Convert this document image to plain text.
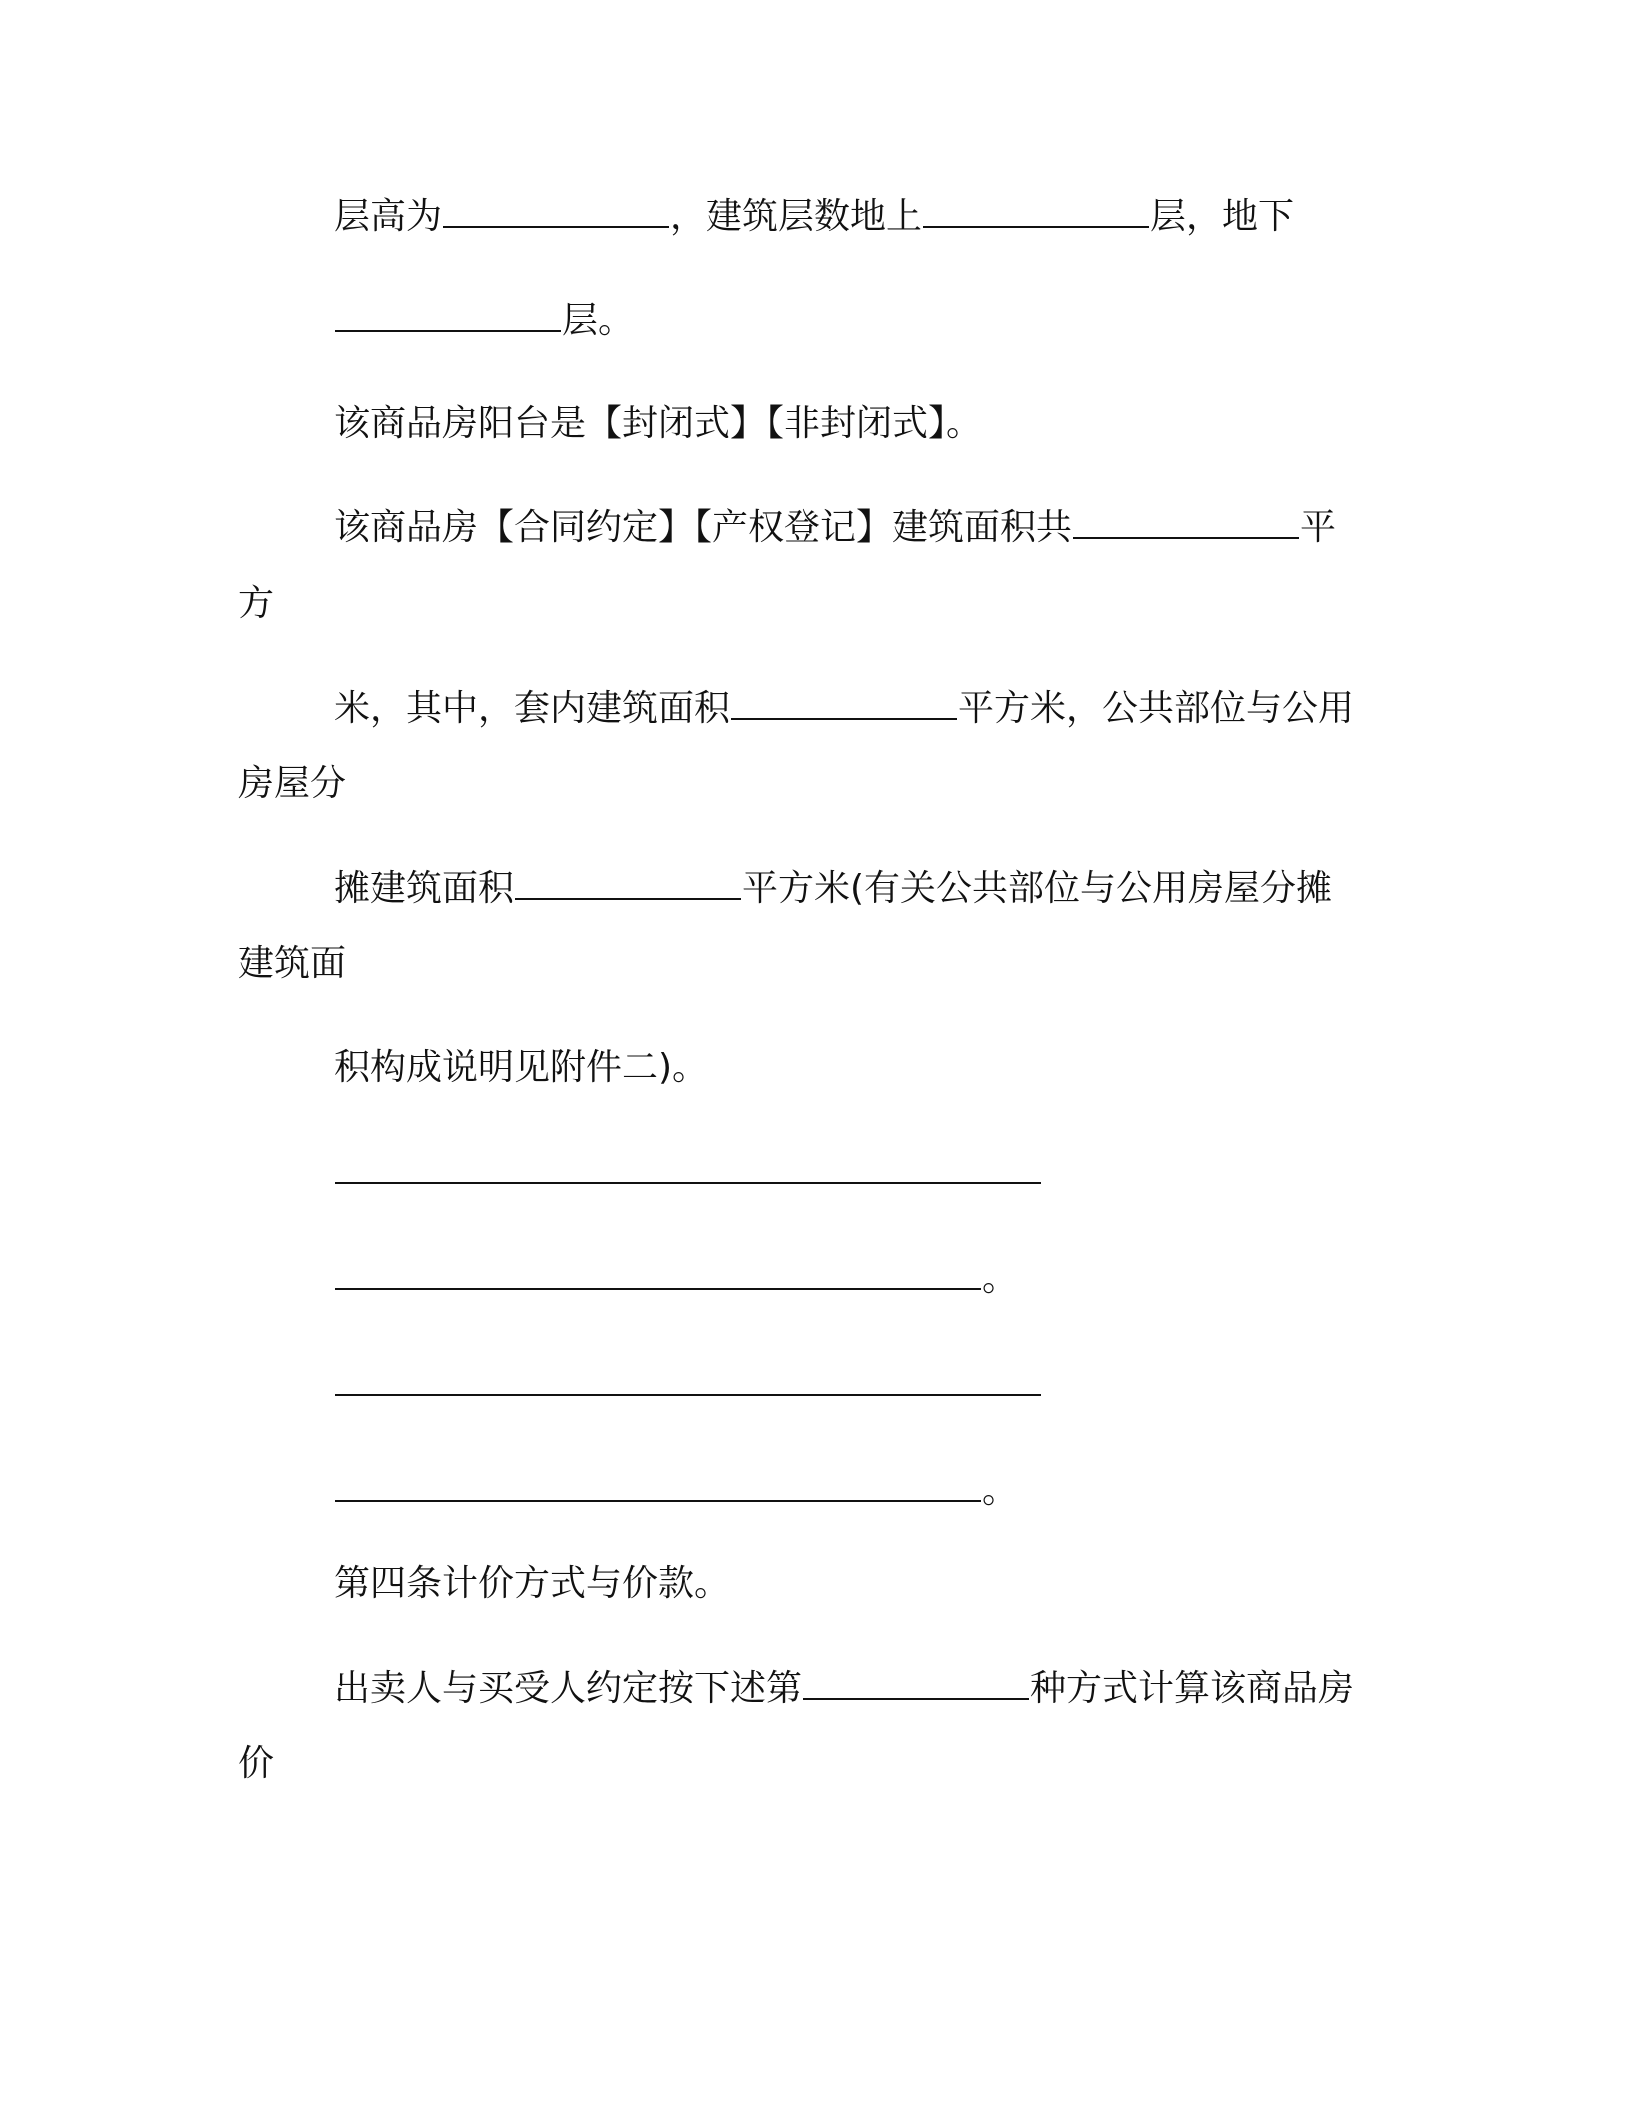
层高为	，建筑层数地上	层，地下
层。
该商品房阳台是【封闭式】【非封闭式】。
该商品房【合同约定】【产权登记】建筑面积共	平
方
米，其中，套内建筑面积	平方米，公共部位与公用
房屋分
摊建筑面积	平方米(有关公共部位与公用房屋分摊
建筑面
积构成说明见附件二)。
。
。
第四条计价方式与价款。
出卖人与买受人约定按下述第	种方式计算该商品房
价
